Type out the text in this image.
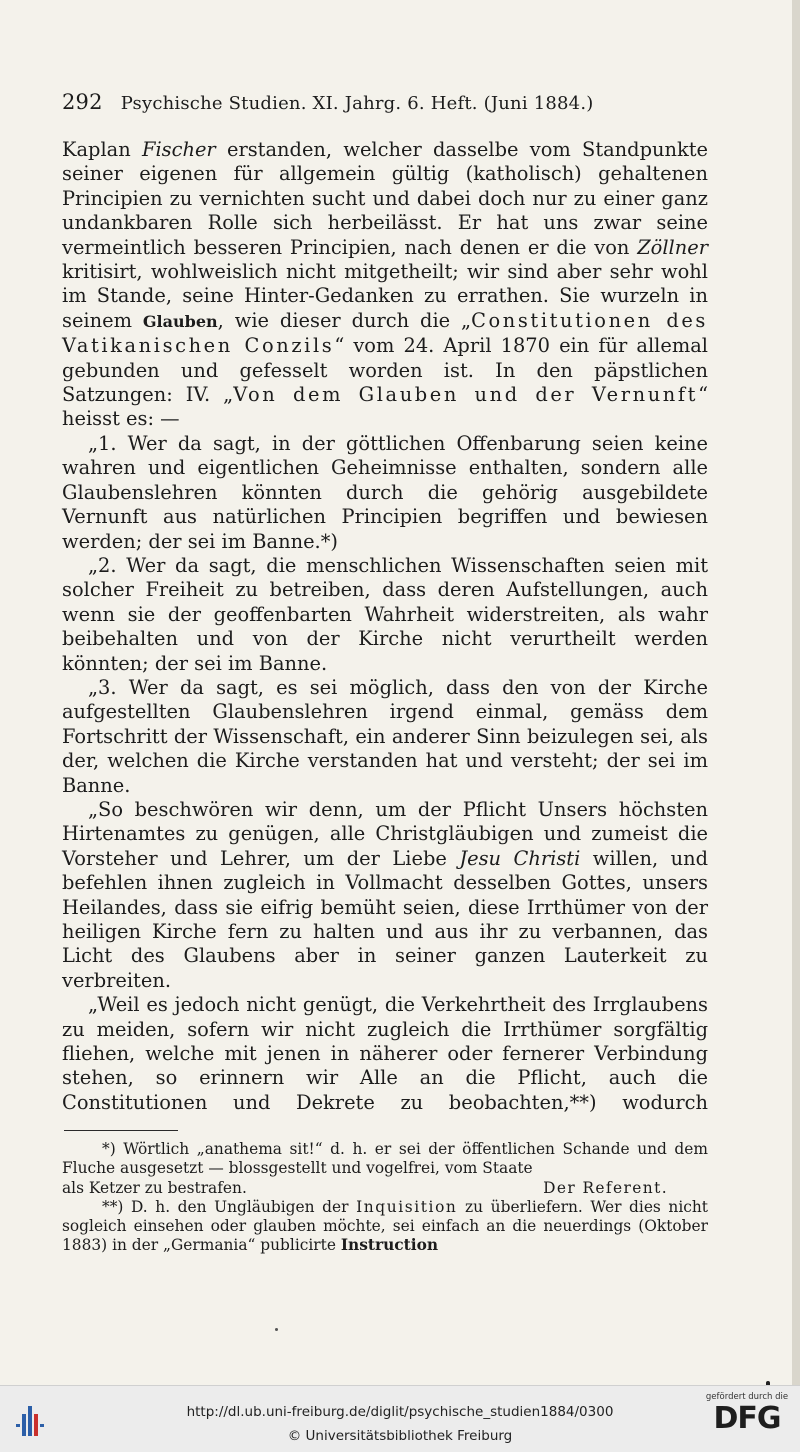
292 Psychische Studien. XI. Jahrg. 6. Heft. (Juni 1884.)

Kaplan Fischer erstanden, welcher dasselbe vom Standpunkte seiner eigenen für allgemein gültig (katholisch) gehaltenen Principien zu vernichten sucht und dabei doch nur zu einer ganz undankbaren Rolle sich herbeilässt. Er hat uns zwar seine vermeintlich besseren Principien, nach denen er die von Zöllner kritisirt, wohlweislich nicht mitgetheilt; wir sind aber sehr wohl im Stande, seine Hinter-Gedanken zu errathen. Sie wurzeln in seinem Glauben, wie dieser durch die „Constitutionen des Vatikanischen Conzils“ vom 24. April 1870 ein für allemal gebunden und gefesselt worden ist. In den päpstlichen Satzungen: IV. „Von dem Glauben und der Vernunft“ heisst es: —

„1. Wer da sagt, in der göttlichen Offenbarung seien keine wahren und eigentlichen Geheimnisse enthalten, sondern alle Glaubenslehren könnten durch die gehörig ausgebildete Vernunft aus natürlichen Principien begriffen und bewiesen werden; der sei im Banne.*)

„2. Wer da sagt, die menschlichen Wissenschaften seien mit solcher Freiheit zu betreiben, dass deren Aufstellungen, auch wenn sie der geoffenbarten Wahrheit widerstreiten, als wahr beibehalten und von der Kirche nicht verurtheilt werden könnten; der sei im Banne.

„3. Wer da sagt, es sei möglich, dass den von der Kirche aufgestellten Glaubenslehren irgend einmal, gemäss dem Fortschritt der Wissenschaft, ein anderer Sinn beizulegen sei, als der, welchen die Kirche verstanden hat und versteht; der sei im Banne.

„So beschwören wir denn, um der Pflicht Unsers höchsten Hirtenamtes zu genügen, alle Christgläubigen und zumeist die Vorsteher und Lehrer, um der Liebe Jesu Christi willen, und befehlen ihnen zugleich in Vollmacht desselben Gottes, unsers Heilandes, dass sie eifrig bemüht seien, diese Irrthümer von der heiligen Kirche fern zu halten und aus ihr zu verbannen, das Licht des Glaubens aber in seiner ganzen Lauterkeit zu verbreiten.

„Weil es jedoch nicht genügt, die Verkehrtheit des Irrglaubens zu meiden, sofern wir nicht zugleich die Irrthümer sorgfältig fliehen, welche mit jenen in näherer oder fernerer Verbindung stehen, so erinnern wir Alle an die Pflicht, auch die Constitutionen und Dekrete zu beobachten,**) wodurch

*) Wörtlich „anathema sit!“ d. h. er sei der öffentlichen Schande und dem Fluche ausgesetzt — blossgestellt und vogelfrei, vom Staate

als Ketzer zu bestrafen.	Der Referent.

**) D. h. den Ungläubigen der Inquisition zu überliefern. Wer dies nicht sogleich einsehen oder glauben möchte, sei einfach an die neuerdings (Oktober 1883) in der „Germania“ publicirte Instruction

http://dl.ub.uni-freiburg.de/diglit/psychische_studien1884/0300
© Universitätsbibliothek Freiburg
gefördert durch die
DFG
